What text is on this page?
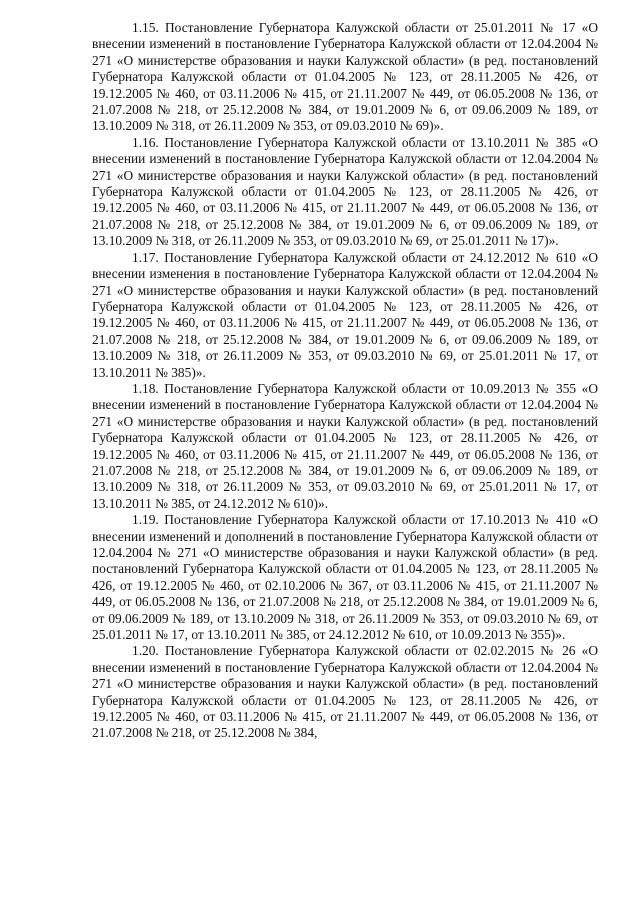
1.15. Постановление Губернатора Калужской области от 25.01.2011 № 17 «О внесении изменений в постановление Губернатора Калужской области от 12.04.2004 № 271 «О министерстве образования и науки Калужской области» (в ред. постановлений Губернатора Калужской области от 01.04.2005 № 123, от 28.11.2005 № 426, от 19.12.2005 № 460, от 03.11.2006 № 415, от 21.11.2007 № 449, от 06.05.2008 № 136, от 21.07.2008 № 218, от 25.12.2008 № 384, от 19.01.2009 № 6, от 09.06.2009 № 189, от 13.10.2009 № 318, от 26.11.2009 № 353, от 09.03.2010 № 69)».

1.16. Постановление Губернатора Калужской области от 13.10.2011 № 385 «О внесении изменений в постановление Губернатора Калужской области от 12.04.2004 № 271 «О министерстве образования и науки Калужской области» (в ред. постановлений Губернатора Калужской области от 01.04.2005 № 123, от 28.11.2005 № 426, от 19.12.2005 № 460, от 03.11.2006 № 415, от 21.11.2007 № 449, от 06.05.2008 № 136, от 21.07.2008 № 218, от 25.12.2008 № 384, от 19.01.2009 № 6, от 09.06.2009 № 189, от 13.10.2009 № 318, от 26.11.2009 № 353, от 09.03.2010 № 69, от 25.01.2011 № 17)».

1.17. Постановление Губернатора Калужской области от 24.12.2012 № 610 «О внесении изменения в постановление Губернатора Калужской области от 12.04.2004 № 271 «О министерстве образования и науки Калужской области» (в ред. постановлений Губернатора Калужской области от 01.04.2005 № 123, от 28.11.2005 № 426, от 19.12.2005 № 460, от 03.11.2006 № 415, от 21.11.2007 № 449, от 06.05.2008 № 136, от 21.07.2008 № 218, от 25.12.2008 № 384, от 19.01.2009 № 6, от 09.06.2009 № 189, от 13.10.2009 № 318, от 26.11.2009 № 353, от 09.03.2010 № 69, от 25.01.2011 № 17, от 13.10.2011 № 385)».

1.18. Постановление Губернатора Калужской области от 10.09.2013 № 355 «О внесении изменений в постановление Губернатора Калужской области от 12.04.2004 № 271 «О министерстве образования и науки Калужской области» (в ред. постановлений Губернатора Калужской области от 01.04.2005 № 123, от 28.11.2005 № 426, от 19.12.2005 № 460, от 03.11.2006 № 415, от 21.11.2007 № 449, от 06.05.2008 № 136, от 21.07.2008 № 218, от 25.12.2008 № 384, от 19.01.2009 № 6, от 09.06.2009 № 189, от 13.10.2009 № 318, от 26.11.2009 № 353, от 09.03.2010 № 69, от 25.01.2011 № 17, от 13.10.2011 № 385, от 24.12.2012 № 610)».

1.19. Постановление Губернатора Калужской области от 17.10.2013 № 410 «О внесении изменений и дополнений в постановление Губернатора Калужской области от 12.04.2004 № 271 «О министерстве образования и науки Калужской области» (в ред. постановлений Губернатора Калужской области от 01.04.2005 № 123, от 28.11.2005 № 426, от 19.12.2005 № 460, от 02.10.2006 № 367, от 03.11.2006 № 415, от 21.11.2007 № 449, от 06.05.2008 № 136, от 21.07.2008 № 218, от 25.12.2008 № 384, от 19.01.2009 № 6, от 09.06.2009 № 189, от 13.10.2009 № 318, от 26.11.2009 № 353, от 09.03.2010 № 69, от 25.01.2011 № 17, от 13.10.2011 № 385, от 24.12.2012 № 610, от 10.09.2013 № 355)».

1.20. Постановление Губернатора Калужской области от 02.02.2015 № 26 «О внесении изменений в постановление Губернатора Калужской области от 12.04.2004 № 271 «О министерстве образования и науки Калужской области» (в ред. постановлений Губернатора Калужской области от 01.04.2005 № 123, от 28.11.2005 № 426, от 19.12.2005 № 460, от 03.11.2006 № 415, от 21.11.2007 № 449, от 06.05.2008 № 136, от 21.07.2008 № 218, от 25.12.2008 № 384,
